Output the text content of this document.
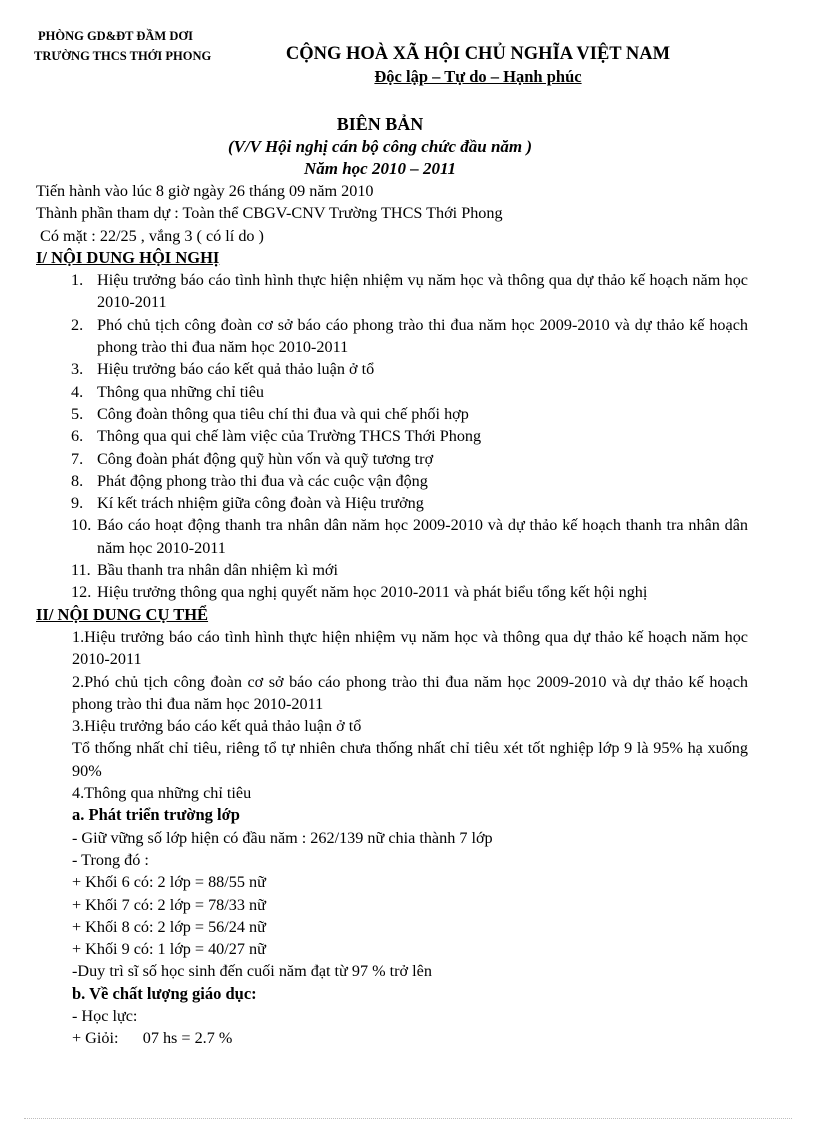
PHÒNG GD&ĐT ĐẦM DƠI
TRƯỜNG THCS THỚI PHONG	CỘNG HOÀ XÃ HỘI CHỦ NGHĨA VIỆT NAM
Độc lập – Tự do – Hạnh phúc
BIÊN BẢN
(V/V Hội nghị cán bộ công chức đầu năm )
Năm học 2010 – 2011
Tiến hành vào lúc 8 giờ ngày 26 tháng 09 năm 2010
Thành phần tham dự : Toàn thể CBGV-CNV Trường THCS Thới Phong
Có mặt : 22/25 , vắng 3 ( có lí do )
I/ NỘI DUNG HỘI NGHỊ
1. Hiệu trưởng báo cáo tình hình thực hiện nhiệm vụ năm học và thông qua dự thảo kế hoạch năm học 2010-2011
2. Phó chủ tịch công đoàn cơ sở báo cáo phong trào thi đua năm học 2009-2010 và dự thảo kế hoạch phong trào thi đua năm học 2010-2011
3. Hiệu trưởng báo cáo kết quả thảo luận ở tổ
4. Thông qua những chỉ tiêu
5. Công đoàn thông qua tiêu chí thi đua và qui chế phối hợp
6. Thông qua qui chế làm việc của Trường THCS Thới Phong
7. Công đoàn phát động quỹ hùn vốn và quỹ tương trợ
8. Phát động phong trào thi đua và các cuộc vận động
9. Kí kết trách nhiệm giữa công đoàn và Hiệu trưởng
10. Báo cáo hoạt động thanh tra nhân dân năm học 2009-2010 và dự thảo kế hoạch thanh tra nhân dân năm học 2010-2011
11. Bầu thanh tra nhân dân nhiệm kì mới
12. Hiệu trưởng thông qua nghị quyết năm học 2010-2011 và phát biểu tổng kết hội nghị
II/ NỘI DUNG CỤ THỂ
1.Hiệu trưởng báo cáo tình hình thực hiện nhiệm vụ năm học và thông qua dự thảo kế hoạch năm học 2010-2011
2.Phó chủ tịch công đoàn cơ sở báo cáo phong trào thi đua năm học 2009-2010 và dự thảo kế hoạch phong trào thi đua năm học 2010-2011
3.Hiệu trưởng báo cáo kết quả thảo luận ở tổ
Tổ thống nhất chỉ tiêu, riêng tổ tự nhiên chưa thống nhất chỉ tiêu xét tốt nghiệp lớp 9 là 95% hạ xuống 90%
4.Thông qua những chỉ tiêu
a. Phát triển trường lớp
- Giữ vững số lớp hiện có đầu năm : 262/139 nữ chia thành 7 lớp
- Trong đó :
+ Khối 6 có: 2 lớp = 88/55 nữ
+ Khối 7 có: 2 lớp = 78/33 nữ
+ Khối 8 có: 2 lớp = 56/24 nữ
+ Khối 9 có: 1 lớp = 40/27 nữ
-Duy trì sĩ số học sinh đến cuối năm đạt từ 97 % trở lên
b. Về chất lượng giáo dục:
- Học lực:
+ Giỏi:      07 hs = 2.7 %
